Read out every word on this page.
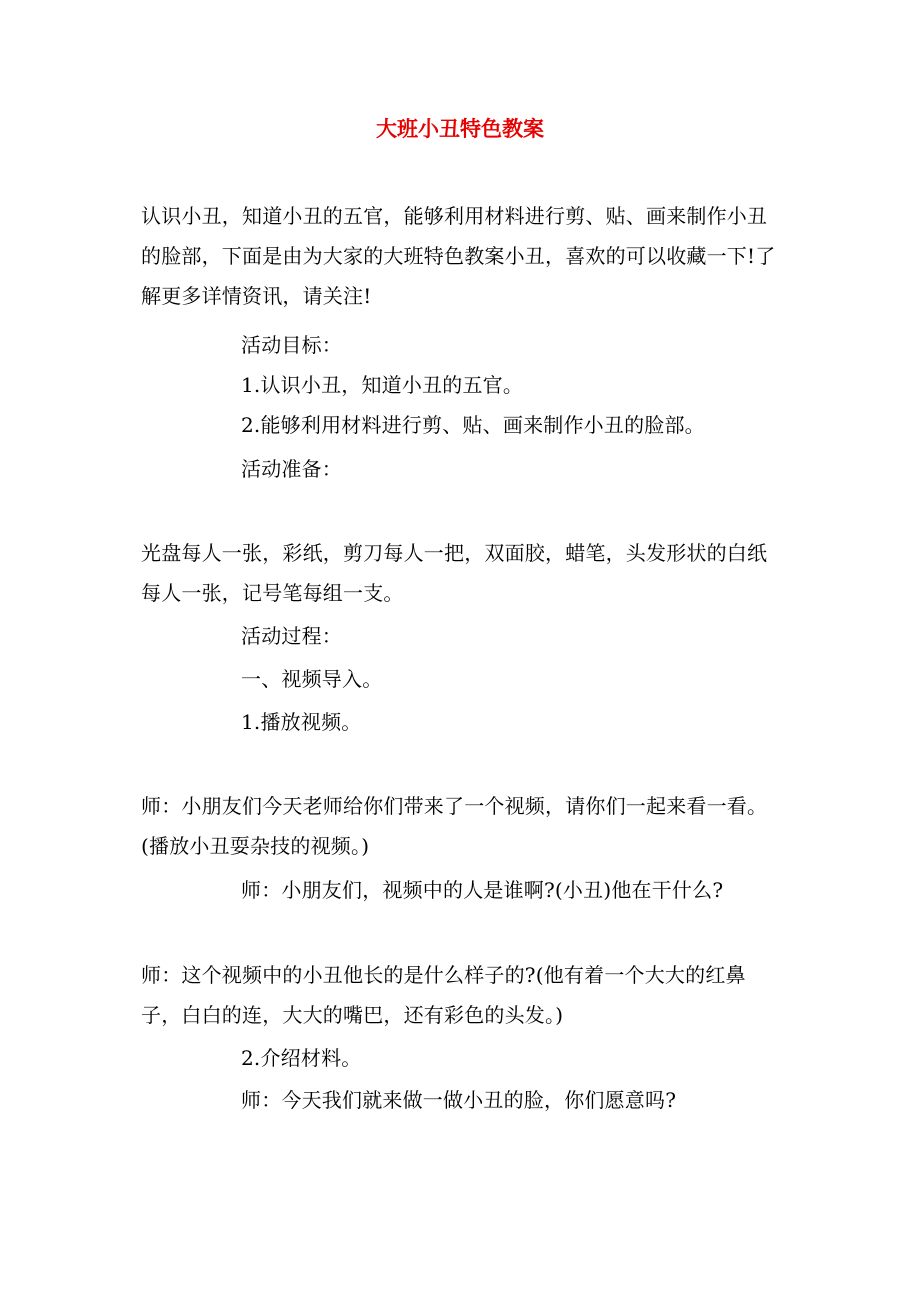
大班小丑特色教案
认识小丑，知道小丑的五官，能够利用材料进行剪、贴、画来制作小丑的脸部，下面是由为大家的大班特色教案小丑，喜欢的可以收藏一下!了解更多详情资讯，请关注!
活动目标：
1.认识小丑，知道小丑的五官。
2.能够利用材料进行剪、贴、画来制作小丑的脸部。
活动准备：
光盘每人一张，彩纸，剪刀每人一把，双面胶，蜡笔，头发形状的白纸每人一张，记号笔每组一支。
活动过程：
一、视频导入。
1.播放视频。
师：小朋友们今天老师给你们带来了一个视频，请你们一起来看一看。(播放小丑耍杂技的视频。)
师：小朋友们，视频中的人是谁啊?(小丑)他在干什么?
师：这个视频中的小丑他长的是什么样子的?(他有着一个大大的红鼻子，白白的连，大大的嘴巴，还有彩色的头发。)
2.介绍材料。
师：今天我们就来做一做小丑的脸，你们愿意吗?
